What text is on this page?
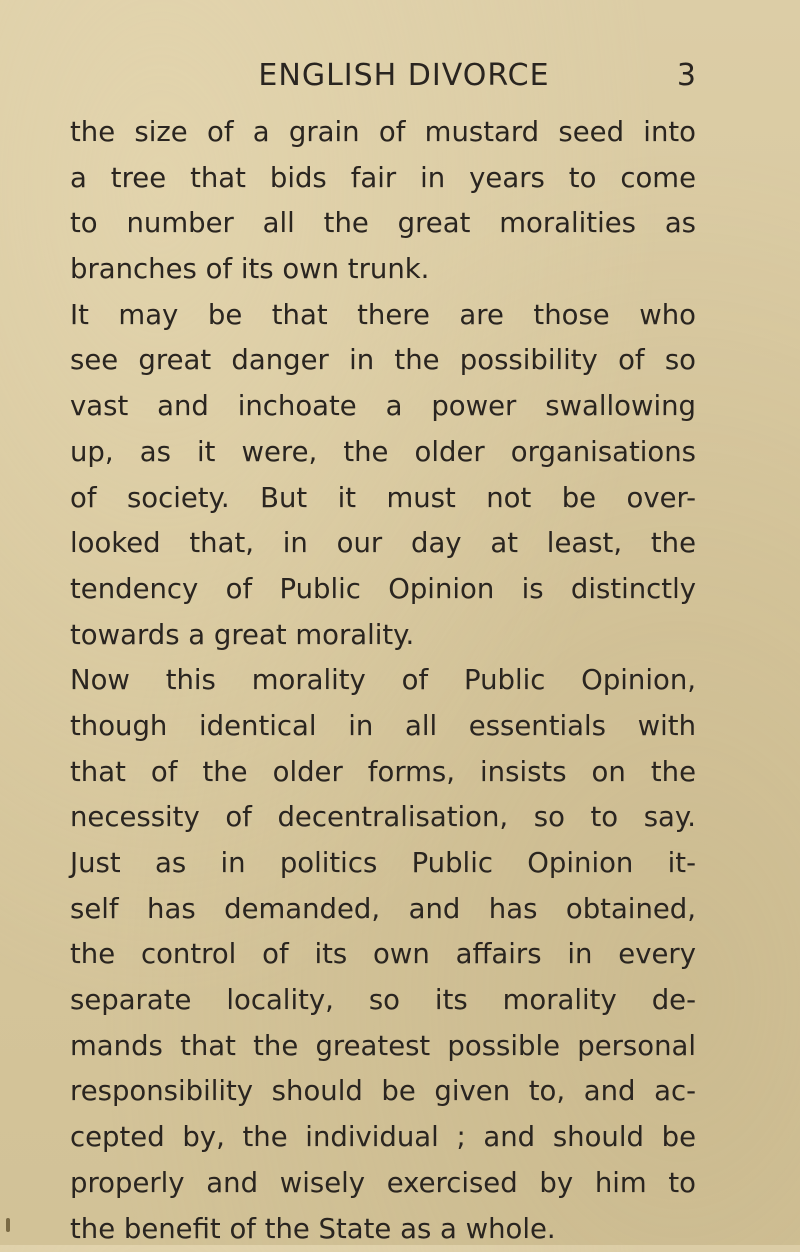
ENGLISH DIVORCE	3
the size of a grain of mustard seed into
a tree that bids fair in years to come
to number all the great moralities as
branches of its own trunk.
It may be that there are those who
see great danger in the possibility of so
vast and inchoate a power swallowing
up, as it were, the older organisations
of society. But it must not be over-
looked that, in our day at least, the
tendency of Public Opinion is distinctly
towards a great morality.
Now this morality of Public Opinion,
though identical in all essentials with
that of the older forms, insists on the
necessity of decentralisation, so to say.
Just as in politics Public Opinion it-
self has demanded, and has obtained,
the control of its own affairs in every
separate locality, so its morality de-
mands that the greatest possible personal
responsibility should be given to, and ac-
cepted by, the individual ; and should be
properly and wisely exercised by him to
the benefit of the State as a whole.
